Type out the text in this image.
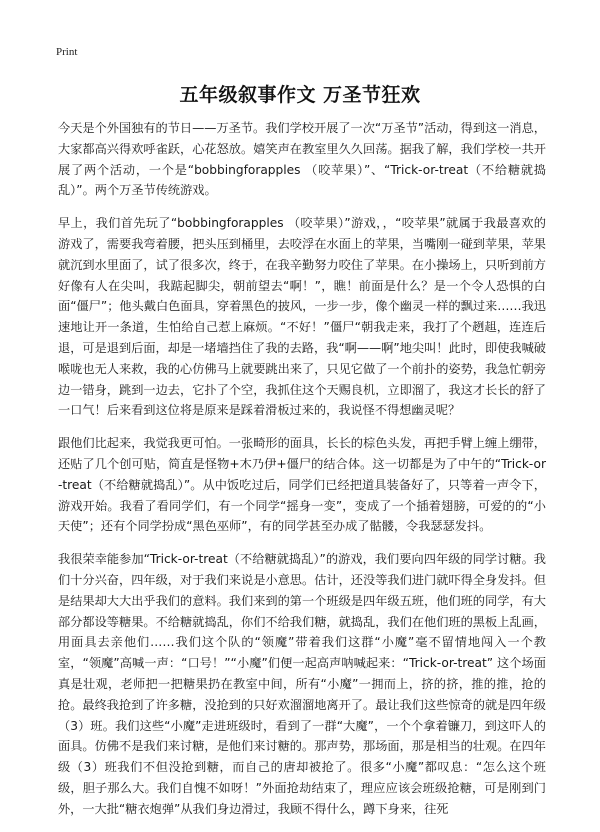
Print
五年级叙事作文 万圣节狂欢

今天是个外国独有的节日——万圣节。我们学校开展了一次“万圣节”活动，得到这一消息，大家都高兴得欢呼雀跃，心花怒放。嬉笑声在教室里久久回荡。据我了解，我们学校一共开展了两个活动，一个是“bobbingforapples （咬苹果）”、“Trick-or-treat（不给糖就捣乱）”。两个万圣节传统游戏。

早上，我们首先玩了“bobbingforapples （咬苹果）”游戏，，“咬苹果”就属于我最喜欢的游戏了，需要我弯着腰，把头压到桶里，去咬浮在水面上的苹果，当嘴刚一碰到苹果，苹果就沉到水里面了，试了很多次，终于，在我辛勤努力咬住了苹果。在小操场上，只听到前方好像有人在尖叫，我踮起脚尖，朝前望去“啊！”，瞧！前面是什么？是一个令人恐惧的白面“僵尸”；他头戴白色面具，穿着黑色的披风，一步一步，像个幽灵一样的飘过来……我迅速地让开一条道，生怕给自己惹上麻烦。“不好！”僵尸“朝我走来，我打了个趔趄，连连后退，可是退到后面，却是一堵墙挡住了我的去路，我“啊——啊”地尖叫！此时，即使我喊破喉咙也无人来救，我的心仿佛马上就要跳出来了，只见它做了一个前扑的姿势，我急忙朝旁边一错身，跳到一边去，它扑了个空，我抓住这个天赐良机，立即溜了，我这才长长的舒了一口气！后来看到这位将是原来是踩着滑板过来的，我说怪不得想幽灵呢？

跟他们比起来，我觉我更可怕。一张畸形的面具，长长的棕色头发，再把手臂上缠上绷带，还贴了几个创可贴，简直是怪物+木乃伊+僵尸的结合体。这一切都是为了中午的“Trick-or-treat（不给糖就捣乱）”。从中饭吃过后，同学们已经把道具装备好了，只等着一声令下，游戏开始。我看了看同学们，有一个同学“摇身一变”，变成了一个插着翅膀，可爱的的“小天使”；还有个同学扮成“黑色巫师”，有的同学甚至办成了骷髅，令我瑟瑟发抖。

我很荣幸能参加“Trick-or-treat（不给糖就捣乱）”的游戏，我们要向四年级的同学讨糖。我们十分兴奋，四年级，对于我们来说是小意思。估计，还没等我们进门就吓得全身发抖。但是结果却大大出乎我们的意料。我们来到的第一个班级是四年级五班，他们班的同学，有大部分都设等糖果。不给糖就捣乱，你们不给我们糖，就捣乱，我们在他们班的黑板上乱画，用面具去亲他们……我们这个队的“领魔”带着我们这群“小魔”毫不留情地闯入一个教室，“领魔”高喊一声：“口号！”“小魔”们便一起高声呐喊起来：“Trick-or-treat” 这个场面真是壮观，老师把一把糖果扔在教室中间，所有“小魔”一拥而上，挤的挤，推的推，抢的抢。最终我抢到了许多糖，没抢到的只好欢溜溜地离开了。最让我们这些惊奇的就是四年级（3）班。我们这些“小魔”走进班级时，看到了一群“大魔”，一个个拿着镰刀，到这吓人的面具。仿佛不是我们来讨糖，是他们来讨糖的。那声势，那场面，那是相当的壮观。在四年级（3）班我们不但没抢到糖，而自己的唐却被抢了。很多“小魔”都叹息：“怎么这个班级，胆子那么大。我们自愧不如呀！”外面抢劫结束了，理应应该会班级抢糖，可是刚到门外，一大批“糖衣炮弹”从我们身边滑过，我顾不得什么，蹲下身来，往死
